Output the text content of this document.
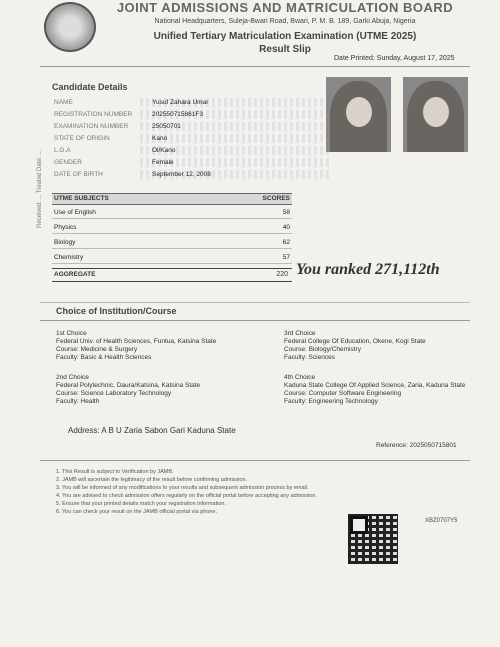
JOINT ADMISSIONS AND MATRICULATION BOARD
National Headquarters, Suleja-Bwari Road, Bwari, P. M. B. 189, Garki Abuja, Nigeria
Unified Tertiary Matriculation Examination (UTME 2025)
Result Slip
Date Printed: Sunday, August 17, 2025
Candidate Details
NAME	Yusuf Zahara Umar
REGISTRATION NUMBER	202550715861F3
EXAMINATION NUMBER	25050701
STATE OF ORIGIN	Kano
L.G.A	Ol/Kano
GENDER	Female
DATE OF BIRTH	September 12, 2008
UTME SUBJECTS	SCORES
Use of English	58
Physics	40
Biology	62
Chemistry	57
AGGREGATE	220 You ranked 271,112th
Received: ... Treated Date: ...
Choice of Institution/Course
1st Choice
Federal Univ. of Health Sciences, Funtua, Katsina State
Course: Medicine & Surgery
Faculty: Basic & Health Sciences
2nd Choice
Federal Polytechnic, Daura/Katsina, Katsina State
Course: Science Laboratory Technology
Faculty: Health
3rd Choice
Federal College Of Education, Okene, Kogi State
Course: Biology/Chemistry
Faculty: Sciences
4th Choice
Kaduna State College Of Applied Science, Zaria, Kaduna State
Course: Computer Software Engineering
Faculty: Engineering Technology
Address: A B U Zaria Sabon Gari Kaduna State
Reference: 2025050715801
1. This Result is subject to Verification by JAMB.
2. JAMB will ascertain the legitimacy of the result before confirming admission.
3. You will be informed of any modifications to your results and subsequent admission process by email.
4. You are advised to check admission offers regularly on the official portal before accepting any admission.
5. Ensure that your printed details match your registration information.
6. You can check your result on the JAMB official portal via phone.
XBZ0707Y5
